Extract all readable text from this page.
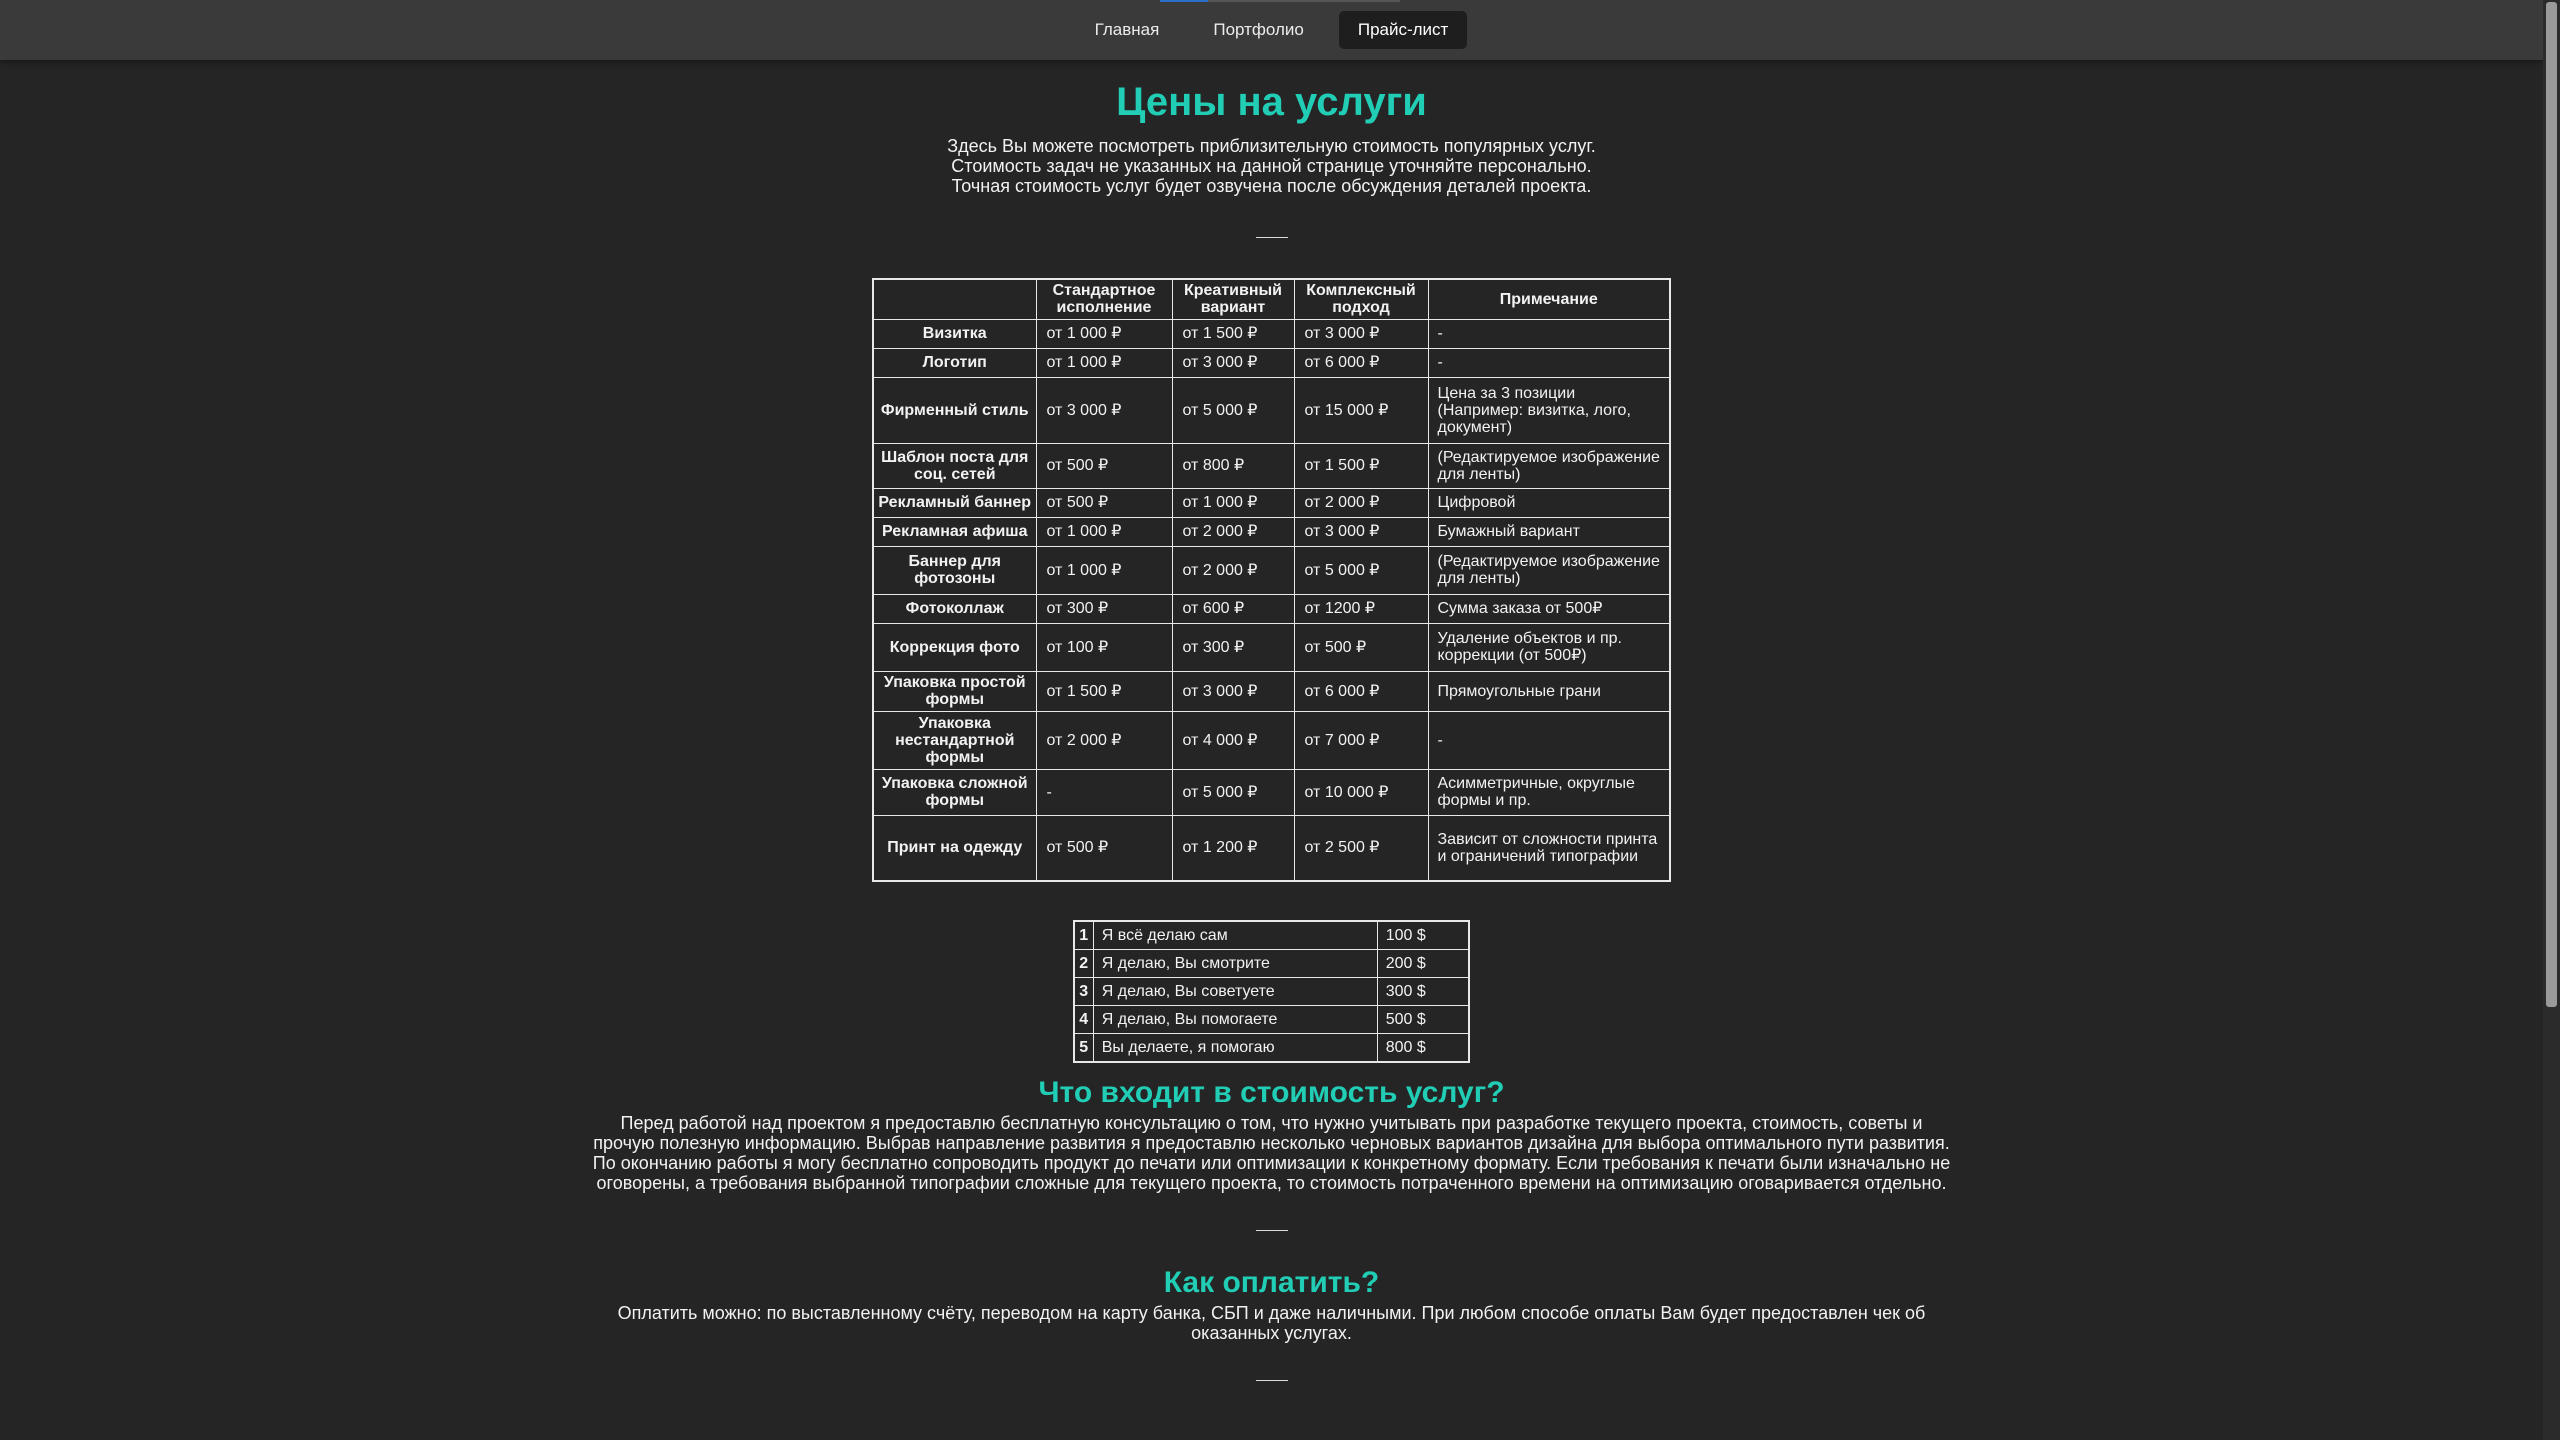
Главная	Портфолио	Прайс-лист
Цены на услуги
Здесь Вы можете посмотреть приблизительную стоимость популярных услуг.
Стоимость задач не указанных на данной странице уточняйте персонально.
Точная стоимость услуг будет озвучена после обсуждения деталей проекта.
	Стандартное исполнение	Креативный вариант	Комплексный подход	Примечание
Визитка	от 1 000 ₽	от 1 500 ₽	от 3 000 ₽	-
Логотип	от 1 000 ₽	от 3 000 ₽	от 6 000 ₽	-
Фирменный стиль	от 3 000 ₽	от 5 000 ₽	от 15 000 ₽	Цена за 3 позиции (Например: визитка, лого, документ)
Шаблон поста для соц. сетей	от 500 ₽	от 800 ₽	от 1 500 ₽	(Редактируемое изображение для ленты)
Рекламный баннер	от 500 ₽	от 1 000 ₽	от 2 000 ₽	Цифровой
Рекламная афиша	от 1 000 ₽	от 2 000 ₽	от 3 000 ₽	Бумажный вариант
Баннер для фотозоны	от 1 000 ₽	от 2 000 ₽	от 5 000 ₽	(Редактируемое изображение для ленты)
Фотоколлаж	от 300 ₽	от 600 ₽	от 1200 ₽	Сумма заказа от 500₽
Коррекция фото	от 100 ₽	от 300 ₽	от 500 ₽	Удаление объектов и пр. коррекции (от 500₽)
Упаковка простой формы	от 1 500 ₽	от 3 000 ₽	от 6 000 ₽	Прямоугольные грани
Упаковка нестандартной формы	от 2 000 ₽	от 4 000 ₽	от 7 000 ₽	-
Упаковка сложной формы	-	от 5 000 ₽	от 10 000 ₽	Асимметричные, округлые формы и пр.
Принт на одежду	от 500 ₽	от 1 200 ₽	от 2 500 ₽	Зависит от сложности принта и ограничений типографии
1	Я всё делаю сам	100 $
2	Я делаю, Вы смотрите	200 $
3	Я делаю, Вы советуете	300 $
4	Я делаю, Вы помогаете	500 $
5	Вы делаете, я помогаю	800 $
Что входит в стоимость услуг?
Перед работой над проектом я предоставлю бесплатную консультацию о том, что нужно учитывать при разработке текущего проекта, стоимость, советы и
прочую полезную информацию. Выбрав направление развития я предоставлю несколько черновых вариантов дизайна для выбора оптимального пути развития.
По окончанию работы я могу бесплатно сопроводить продукт до печати или оптимизации к конкретному формату. Если требования к печати были изначально не
оговорены, а требования выбранной типографии сложные для текущего проекта, то стоимость потраченного времени на оптимизацию оговаривается отдельно.
Как оплатить?
Оплатить можно: по выставленному счёту, переводом на карту банка, СБП и даже наличными. При любом способе оплаты Вам будет предоставлен чек об
оказанных услугах.
